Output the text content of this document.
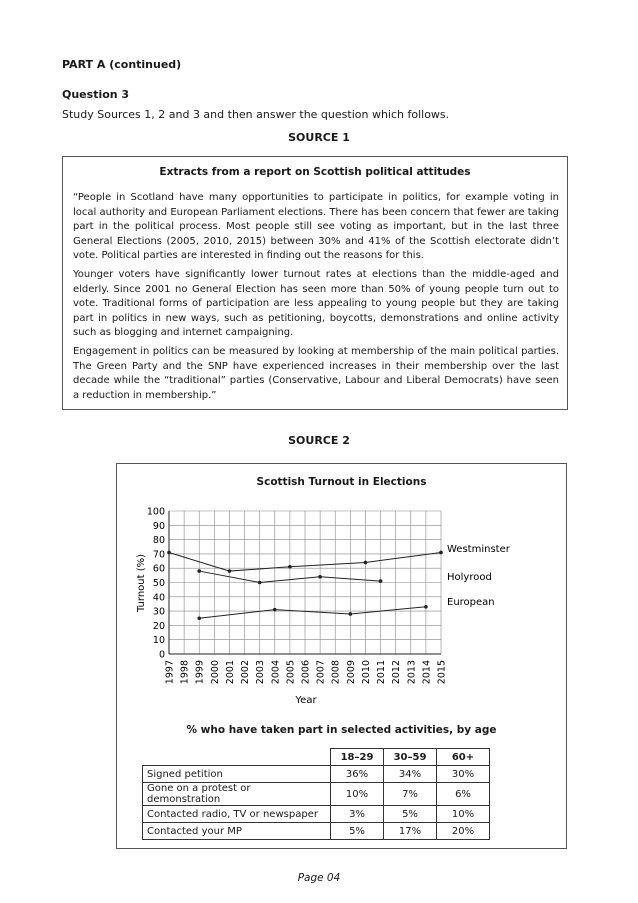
PART A (continued)
Question 3
Study Sources 1, 2 and 3 and then answer the question which follows.
SOURCE 1
Extracts from a report on Scottish political attitudes

“People in Scotland have many opportunities to participate in politics, for example voting in local authority and European Parliament elections. There has been concern that fewer are taking part in the political process. Most people still see voting as important, but in the last three General Elections (2005, 2010, 2015) between 30% and 41% of the Scottish electorate didn’t vote. Political parties are interested in finding out the reasons for this.

Younger voters have significantly lower turnout rates at elections than the middle-aged and elderly. Since 2001 no General Election has seen more than 50% of young people turn out to vote. Traditional forms of participation are less appealing to young people but they are taking part in politics in new ways, such as petitioning, boycotts, demonstrations and online activity such as blogging and internet campaigning.

Engagement in politics can be measured by looking at membership of the main political parties. The Green Party and the SNP have experienced increases in their membership over the last decade while the “traditional” parties (Conservative, Labour and Liberal Democrats) have seen a reduction in membership.”

SOURCE 2
Scottish Turnout in Elections
1997 1998 1999 2000 2001 2002 2003 2004 2005 2006 2007 2008 2009 2010 2011 2012 2013 2014 2015
0
10
20
30
40
50
60
70
80
90
100
Westminster
Holyrood
European
Turnout (%)
Year
% who have taken part in selected activities, by age
	18–29	30–59	60+
Signed petition	36%	34%	30%
Gone on a protest or demonstration	10%	7%	6%
Contacted radio, TV or newspaper	3%	5%	10%
Contacted your MP	5%	17%	20%
Page 04
